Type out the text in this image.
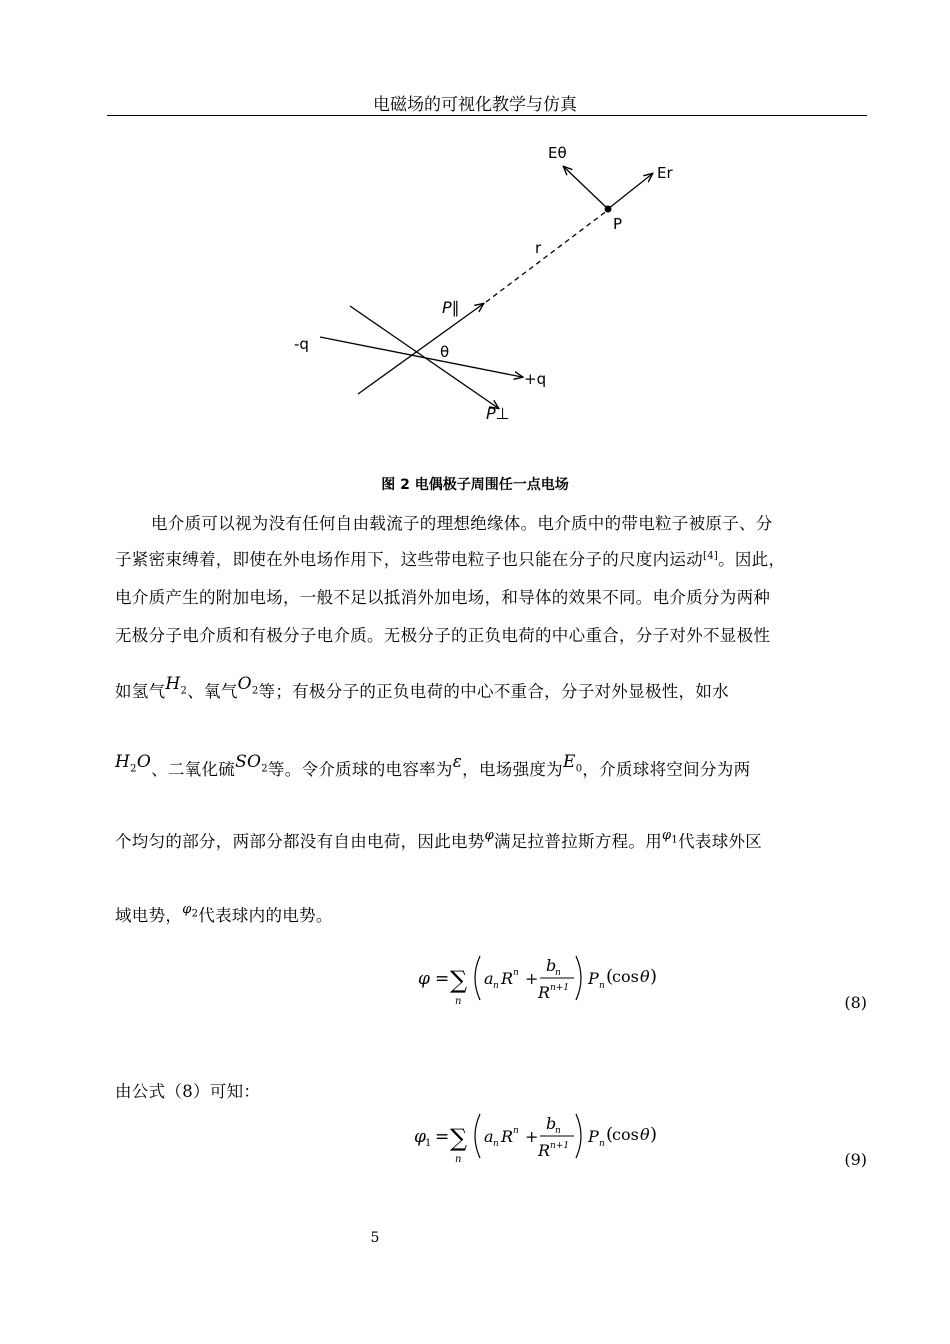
电磁场的可视化教学与仿真
Eθ
Er
P
r
P∥
-q	θ
+q
P⊥
图 2 电偶极子周围任一点电场
电介质可以视为没有任何自由载流子的理想绝缘体。电介质中的带电粒子被原子、分
子紧密束缚着，即使在外电场作用下，这些带电粒子也只能在分子的尺度内运动[4]。因此，
电介质产生的附加电场，一般不足以抵消外加电场，和导体的效果不同。电介质分为两种
无极分子电介质和有极分子电介质。无极分子的正负电荷的中心重合，分子对外不显极性
如氢气$H_2$、氧气$O_2$等；有极分子的正负电荷的中心不重合，分子对外显极性，如水
$H_2O$、二氧化硫$SO_2$等。令介质球的电容率为ε，电场强度为$E_0$，介质球将空间分为两
个均匀的部分，两部分都没有自由电荷，因此电势$^\varphi$满足拉普拉斯方程。用$^{\varphi_1}$代表球外区
域电势，$^{\varphi_2}$代表球内的电势。
φ = ∑
n
a n R n +
b
n
R n+1 P n (
cos θ )
(8)
由公式（8）可知：
φ 1 = ∑
n
a n R n +
b
n
R n+1 P n (
cos θ )
(9)
5
